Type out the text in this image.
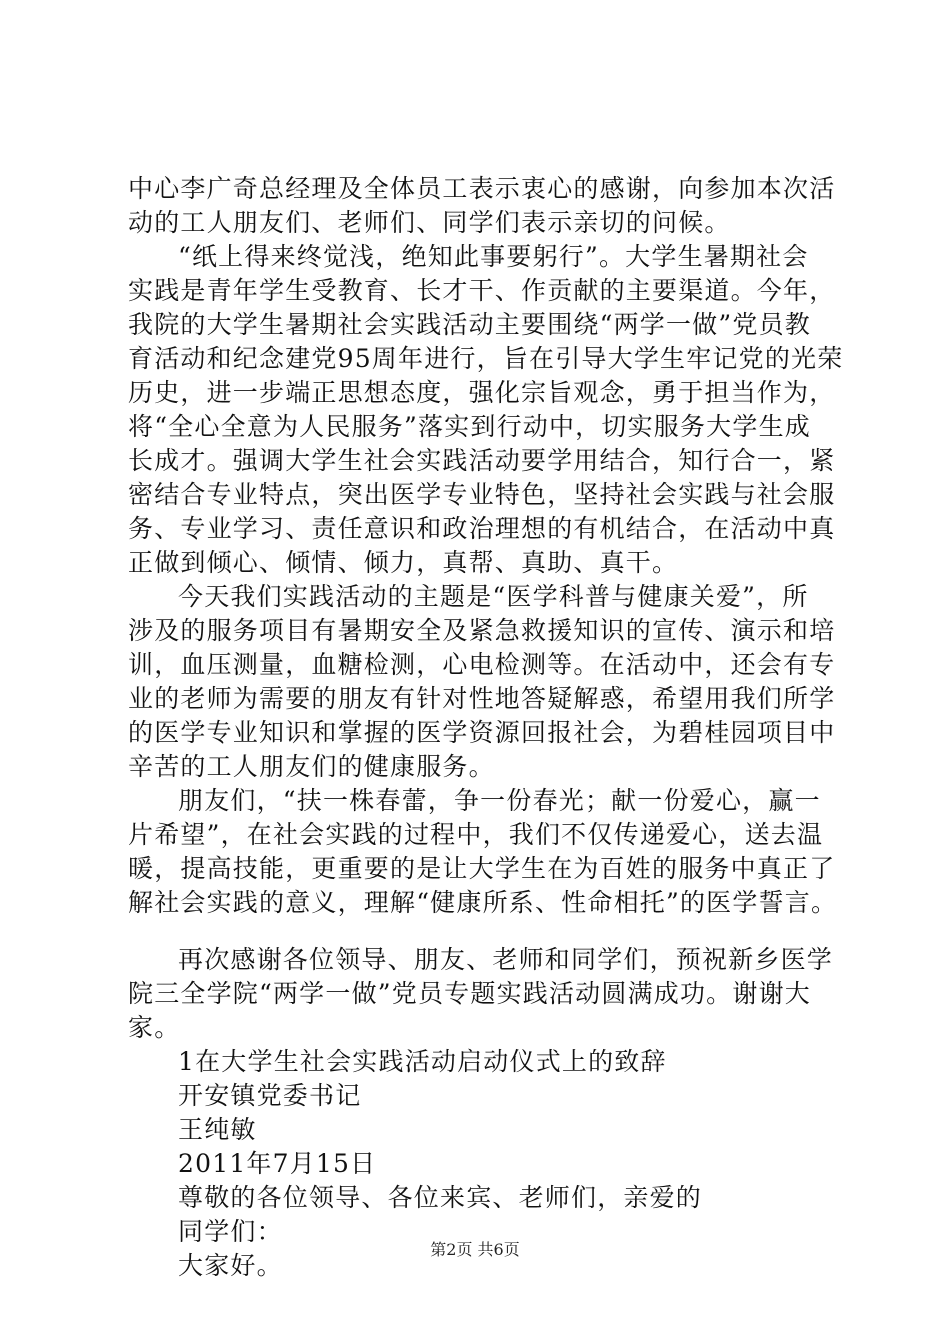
中心李广奇总经理及全体员工表示衷心的感谢，向参加本次活
动的工人朋友们、老师们、同学们表示亲切的问候。
“纸上得来终觉浅，绝知此事要躬行”。大学生暑期社会
实践是青年学生受教育、长才干、作贡献的主要渠道。今年，
我院的大学生暑期社会实践活动主要围绕“两学一做”党员教
育活动和纪念建党95周年进行，旨在引导大学生牢记党的光荣
历史，进一步端正思想态度，强化宗旨观念，勇于担当作为，
将“全心全意为人民服务”落实到行动中，切实服务大学生成
长成才。强调大学生社会实践活动要学用结合，知行合一，紧
密结合专业特点，突出医学专业特色，坚持社会实践与社会服
务、专业学习、责任意识和政治理想的有机结合，在活动中真
正做到倾心、倾情、倾力，真帮、真助、真干。
今天我们实践活动的主题是“医学科普与健康关爱”，所
涉及的服务项目有暑期安全及紧急救援知识的宣传、演示和培
训，血压测量，血糖检测，心电检测等。在活动中，还会有专
业的老师为需要的朋友有针对性地答疑解惑，希望用我们所学
的医学专业知识和掌握的医学资源回报社会，为碧桂园项目中
辛苦的工人朋友们的健康服务。
朋友们，“扶一株春蕾，争一份春光；献一份爱心，赢一
片希望”，在社会实践的过程中，我们不仅传递爱心，送去温
暖，提高技能，更重要的是让大学生在为百姓的服务中真正了
解社会实践的意义，理解“健康所系、性命相托”的医学誓言。
再次感谢各位领导、朋友、老师和同学们，预祝新乡医学
院三全学院“两学一做”党员专题实践活动圆满成功。谢谢大
家。
1在大学生社会实践活动启动仪式上的致辞
开安镇党委书记
王纯敏
2011年7月15日
尊敬的各位领导、各位来宾、老师们，亲爱的
同学们：
大家好。
第2页 共6页
